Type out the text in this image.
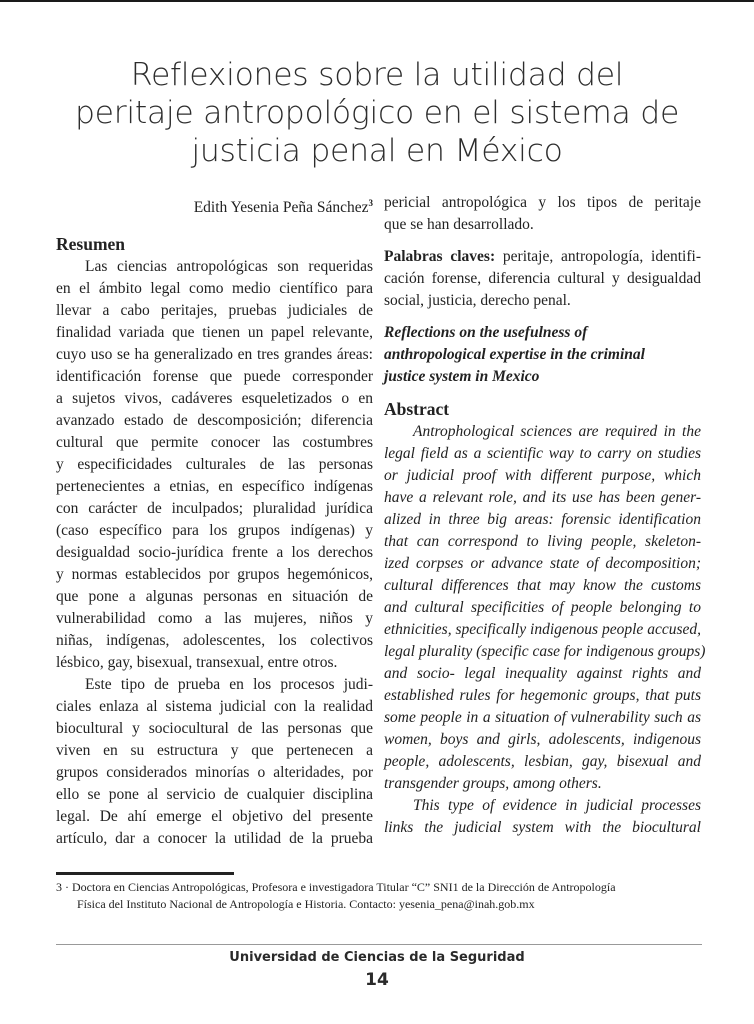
Reflexiones sobre la utilidad del
peritaje antropológico en el sistema de
justicia penal en México
Edith Yesenia Peña Sánchez$^3$
Resumen
Las ciencias antropológicas son requeridas
en el ámbito legal como medio científico para
llevar a cabo peritajes, pruebas judiciales de
finalidad variada que tienen un papel relevante,
cuyo uso se ha generalizado en tres grandes áreas:
identificación forense que puede corresponder
a sujetos vivos, cadáveres esqueletizados o en
avanzado estado de descomposición; diferencia
cultural que permite conocer las costumbres
y especificidades culturales de las personas
pertenecientes a etnias, en específico indígenas
con carácter de inculpados; pluralidad jurídica
(caso específico para los grupos indígenas) y
desigualdad socio-jurídica frente a los derechos
y normas establecidos por grupos hegemónicos,
que pone a algunas personas en situación de
vulnerabilidad como a las mujeres, niños y
niñas, indígenas, adolescentes, los colectivos
lésbico, gay, bisexual, transexual, entre otros.
Este tipo de prueba en los procesos judi-
ciales enlaza al sistema judicial con la realidad
biocultural y sociocultural de las personas que
viven en su estructura y que pertenecen a
grupos considerados minorías o alteridades, por
ello se pone al servicio de cualquier disciplina
legal. De ahí emerge el objetivo del presente
artículo, dar a conocer la utilidad de la prueba
pericial antropológica y los tipos de peritaje
que se han desarrollado.
Palabras claves: peritaje, antropología, identifi-
cación forense, diferencia cultural y desigualdad
social, justicia, derecho penal.
Reflections on the usefulness of
anthropological expertise in the criminal
justice system in Mexico
Abstract
Antrophological sciences are required in the
legal field as a scientific way to carry on studies
or judicial proof with different purpose, which
have a relevant role, and its use has been gener-
alized in three big areas: forensic identification
that can correspond to living people, skeleton-
ized corpses or advance state of decomposition;
cultural differences that may know the customs
and cultural specificities of people belonging to
ethnicities, specifically indigenous people accused,
legal plurality (specific case for indigenous groups)
and socio- legal inequality against rights and
established rules for hegemonic groups, that puts
some people in a situation of vulnerability such as
women, boys and girls, adolescents, indigenous
people, adolescents, lesbian, gay, bisexual and
transgender groups, among others.
This type of evidence in judicial processes
links the judicial system with the biocultural
3 · Doctora en Ciencias Antropológicas, Profesora e investigadora Titular “C” SNI1 de la Dirección de Antropología
Física del Instituto Nacional de Antropología e Historia. Contacto: yesenia_pena@inah.gob.mx
Universidad de Ciencias de la Seguridad
14
